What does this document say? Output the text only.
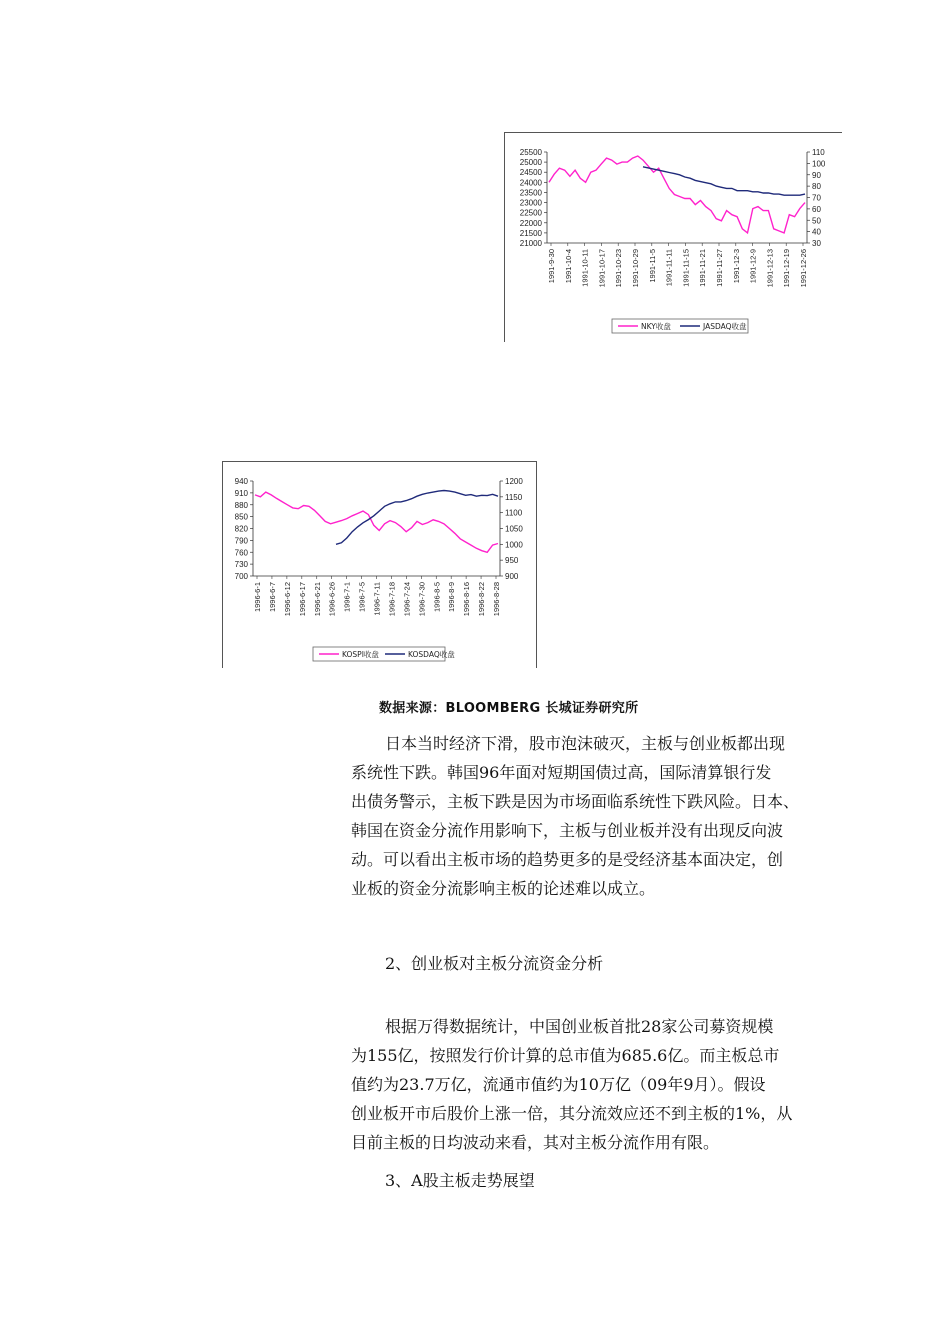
25500
25000
24500
24000
23500
23000
22500
22000
21500
21000
110
100
90
80
70
60
50
40
30
1991-9-30 1991-10-4 1991-10-11 1991-10-17 1991-10-23 1991-10-29 1991-11-5 1991-11-11 1991-11-15 1991-11-21 1991-11-27 1991-12-3 1991-12-9 1991-12-13 1991-12-19 1991-12-26
NKY收盘	JASDAQ收盘
940
910
880
850
820
790
760
730
700
1200
1150
1100
1050
1000
950
900
1996-6-1 1996-6-7 1996-6-12 1996-6-17 1996-6-21 1996-6-26 1996-7-1 1996-7-5 1996-7-11 1996-7-18 1996-7-24 1996-7-30 1996-8-5 1996-8-9 1996-8-16 1996-8-22 1996-8-28
KOSPI收盘	KOSDAQ收盘
数据来源：BLOOMBERG 长城证券研究所
日本当时经济下滑，股市泡沫破灭，主板与创业板都出现
系统性下跌。韩国96年面对短期国债过高，国际清算银行发
出债务警示，主板下跌是因为市场面临系统性下跌风险。日本、
韩国在资金分流作用影响下，主板与创业板并没有出现反向波
动。可以看出主板市场的趋势更多的是受经济基本面决定，创
业板的资金分流影响主板的论述难以成立。
2、创业板对主板分流资金分析
根据万得数据统计，中国创业板首批28家公司募资规模
为155亿，按照发行价计算的总市值为685.6亿。而主板总市
值约为23.7万亿，流通市值约为10万亿（09年9月）。假设
创业板开市后股价上涨一倍，其分流效应还不到主板的1%，从
目前主板的日均波动来看，其对主板分流作用有限。
3、A股主板走势展望
